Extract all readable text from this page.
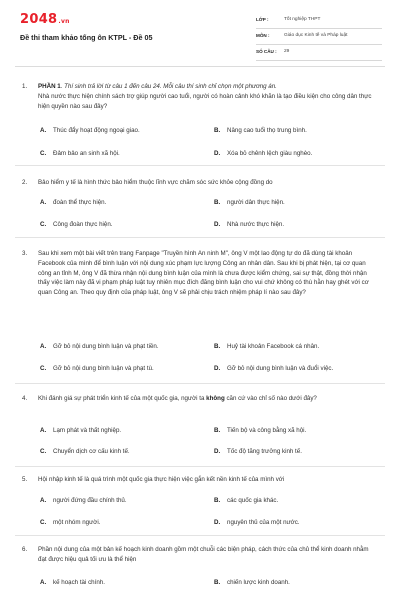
2048.vn
Đề thi tham khảo tống ôn KTPL - Đề 05
LỚP :	Tốt nghiệp THPT
MÔN :	Giáo dục Kinh tế và Pháp luật
SỐ CÂU : 29
1. PHẦN 1. Thí sinh trả lời từ câu 1 đến câu 24. Mỗi câu thí sinh chỉ chọn một phương án.
Nhà nước thực hiện chính sách trợ giúp người cao tuổi, người có hoàn cảnh khó khăn là tạo điều kiện cho công dân thực hiện quyền nào sau đây?
A. Thúc đẩy hoạt động ngoại giao.	B. Nâng cao tuổi thọ trung bình.
C. Đảm bảo an sinh xã hội.	D. Xóa bỏ chênh lệch giàu nghèo.
2. Bảo hiểm y tế là hình thức bảo hiểm thuộc lĩnh vực chăm sóc sức khỏe cộng đồng do
A. đoàn thể thực hiện.	B. người dân thực hiện.
C. Công đoàn thực hiện.	D. Nhà nước thực hiện.
3. Sau khi xem một bài viết trên trang Fanpage "Truyền hình An ninh M", ông V một lao động tự do đã dùng tài khoản Facebook của mình để bình luận với nội dung xúc phạm lực lượng Công an nhân dân. Sau khi bị phát hiện, tại cơ quan công an tỉnh M, ông V đã thừa nhận nội dung bình luận của mình là chưa được kiểm chứng, sai sự thật, đồng thời nhận thấy việc làm này đã vi phạm pháp luật tuy nhiên mục đích đăng bình luận cho vui chứ không có thù hằn hay ghét với cơ quan Công an. Theo quy định của pháp luật, ông V sẽ phải chịu trách nhiệm pháp lí nào sau đây?
A. Gỡ bỏ nội dung bình luận và phạt tiền.	B. Huỷ tài khoản Facebook cá nhân.
C. Gỡ bỏ nội dung bình luận và phạt tù.	D. Gỡ bỏ nội dung bình luận và đuổi việc.
4. Khi đánh giá sự phát triển kinh tế của một quốc gia, người ta không căn cứ vào chỉ số nào dưới đây?
A. Lạm phát và thất nghiệp.	B. Tiến bộ và công bằng xã hội.
C. Chuyển dịch cơ cấu kinh tế.	D. Tốc độ tăng trưởng kinh tế.
5. Hội nhập kinh tế là quá trình một quốc gia thực hiện việc gắn kết nền kinh tế của mình với
A. người đứng đầu chính thủ.	B. các quốc gia khác.
C. một nhóm người.	D. nguyên thủ của một nước.
6. Phần nội dung của một bản kế hoạch kinh doanh gồm một chuỗi các biện pháp, cách thức của chủ thể kinh doanh nhằm đạt được hiệu quả tối ưu là thể hiện
A. kế hoạch tài chính.	B. chiến lược kinh doanh.
